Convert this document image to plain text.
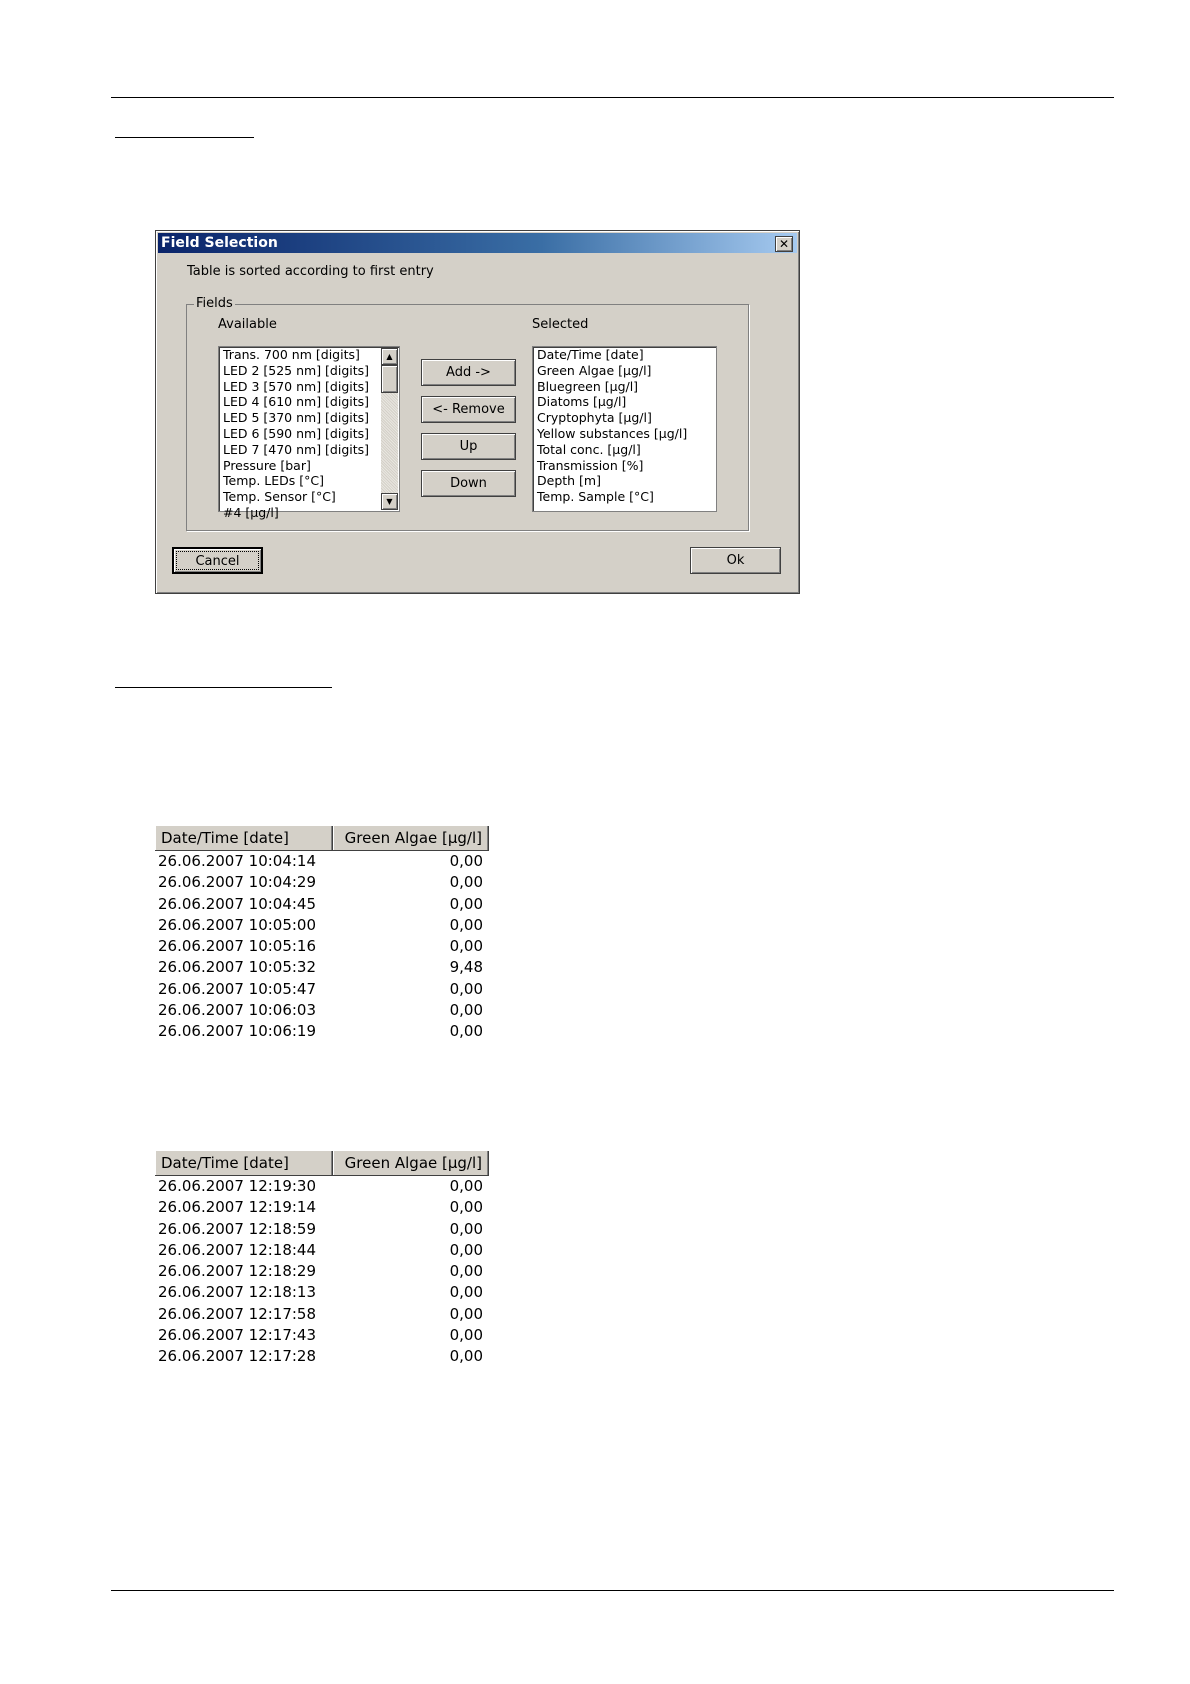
Field Selection	✕
Table is sorted according to first entry
Fields
Available	Selected
Trans. 700 nm [digits]
LED 2 [525 nm] [digits]
LED 3 [570 nm] [digits]
LED 4 [610 nm] [digits]
LED 5 [370 nm] [digits]
LED 6 [590 nm] [digits]
LED 7 [470 nm] [digits]
Pressure [bar]
Temp. LEDs [°C]
Temp. Sensor [°C]
#4 [µg/l]
▲
▼
Add ->
<- Remove
Up
Down
Date/Time [date]
Green Algae [µg/l]
Bluegreen [µg/l]
Diatoms [µg/l]
Cryptophyta [µg/l]
Yellow substances [µg/l]
Total conc. [µg/l]
Transmission [%]
Depth [m]
Temp. Sample [°C]
Cancel	Ok
Date/Time [date]	Green Algae [µg/l]
26.06.2007 10:04:14	0,00
26.06.2007 10:04:29	0,00
26.06.2007 10:04:45	0,00
26.06.2007 10:05:00	0,00
26.06.2007 10:05:16	0,00
26.06.2007 10:05:32	9,48
26.06.2007 10:05:47	0,00
26.06.2007 10:06:03	0,00
26.06.2007 10:06:19	0,00
Date/Time [date]	Green Algae [µg/l]
26.06.2007 12:19:30	0,00
26.06.2007 12:19:14	0,00
26.06.2007 12:18:59	0,00
26.06.2007 12:18:44	0,00
26.06.2007 12:18:29	0,00
26.06.2007 12:18:13	0,00
26.06.2007 12:17:58	0,00
26.06.2007 12:17:43	0,00
26.06.2007 12:17:28	0,00
